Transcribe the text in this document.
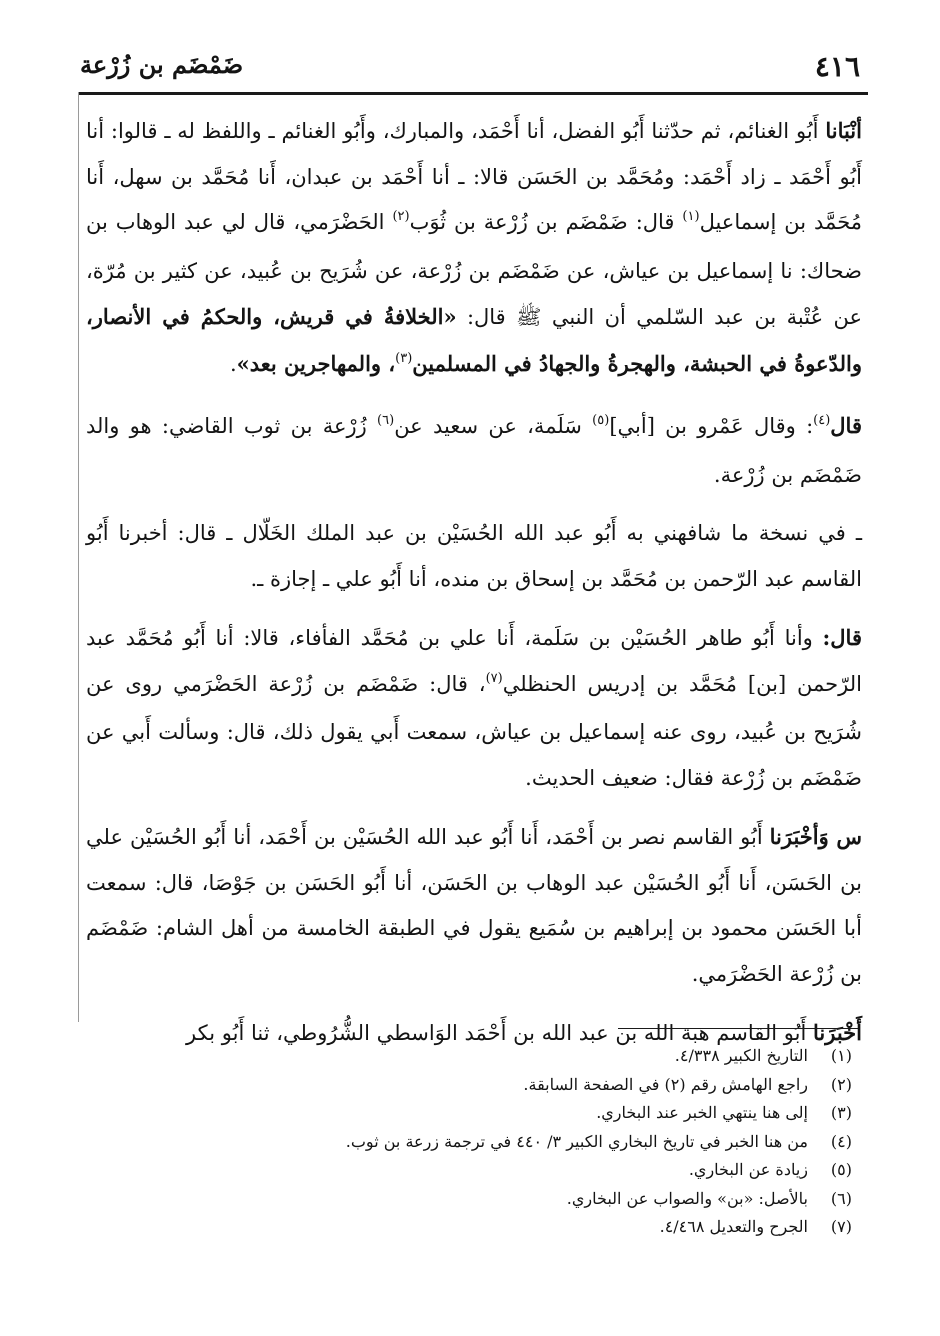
٤١٦
ضَمْضَم بن زُرْعة

أنْبَانا أَبُو الغنائم، ثم حدّثنا أَبُو الفضل، أنا أَحْمَد، والمبارك، وأَبُو الغنائم ـ واللفظ له ـ قالوا: أنا أَبُو أَحْمَد ـ زاد أَحْمَد: ومُحَمَّد بن الحَسَن قالا: ـ أنا أَحْمَد بن عبدان، أَنا مُحَمَّد بن سهل، أَنا مُحَمَّد بن إسماعيل$^{(١)}$ قال: ضَمْضَم بن زُرْعة بن ثُوَب$^{(٢)}$ الحَضْرَمي، قال لي عبد الوهاب بن ضحاك: نا إسماعيل بن عياش، عن ضَمْضَم بن زُرْعة، عن شُرَيح بن عُبيد، عن كثير بن مُرّة، عن عُتْبة بن عبد السّلمي أن النبي ﷺ قال: «الخلافةُ في قريش، والحكمُ في الأنصار، والدّعوةُ في الحبشة، والهجرةُ والجهادُ في المسلمين$^{(٣)}$، والمهاجرين بعد».

قال$^{(٤)}$: وقال عَمْرو بن [أبي]$^{(٥)}$ سَلَمة، عن سعيد عن$^{(٦)}$ زُرْعة بن ثوب القاضي: هو والد ضَمْضَم بن زُرْعة.

ـ في نسخة ما شافهني به أَبُو عبد الله الحُسَيْن بن عبد الملك الخَلّال ـ قال: أخبرنا أَبُو القاسم عبد الرّحمن بن مُحَمَّد بن إسحاق بن منده، أنا أَبُو علي ـ إجازة ـ.

قال: وأنا أَبُو طاهر الحُسَيْن بن سَلَمة، أَنا علي بن مُحَمَّد الفأفاء، قالا: أنا أَبُو مُحَمَّد عبد الرّحمن [بن] مُحَمَّد بن إدريس الحنظلي$^{(٧)}$، قال: ضَمْضَم بن زُرْعة الحَضْرَمي روى عن شُرَيح بن عُبيد، روى عنه إسماعيل بن عياش، سمعت أَبي يقول ذلك، قال: وسألت أَبي عن ضَمْضَم بن زُرْعة فقال: ضعيف الحديث.

س وَأخْبَرَنا أَبُو القاسم نصر بن أَحْمَد، أَنا أَبُو عبد الله الحُسَيْن بن أَحْمَد، أنا أَبُو الحُسَيْن علي بن الحَسَن، أَنا أَبُو الحُسَيْن عبد الوهاب بن الحَسَن، أنا أَبُو الحَسَن بن جَوْصَا، قال: سمعت أبا الحَسَن محمود بن إبراهيم بن سُمَيع يقول في الطبقة الخامسة من أهل الشام: ضَمْضَم بن زُرْعة الحَضْرَمي.

أَخْبَرَنا أَبُو القاسم هبة الله بن عبد الله بن أَحْمَد الوَاسطي الشُّرُوطي، ثنا أَبُو بكر

(١)
التاريخ الكبير ٤/٣٣٨.
(٢)
راجع الهامش رقم (٢) في الصفحة السابقة.
(٣)
إلى هنا ينتهي الخبر عند البخاري.
(٤)
من هنا الخبر في تاريخ البخاري الكبير ٣/ ٤٤٠ في ترجمة زرعة بن ثوب.
(٥)
زيادة عن البخاري.
(٦)
بالأصل: «بن» والصواب عن البخاري.
(٧)
الجرح والتعديل ٤/٤٦٨.
